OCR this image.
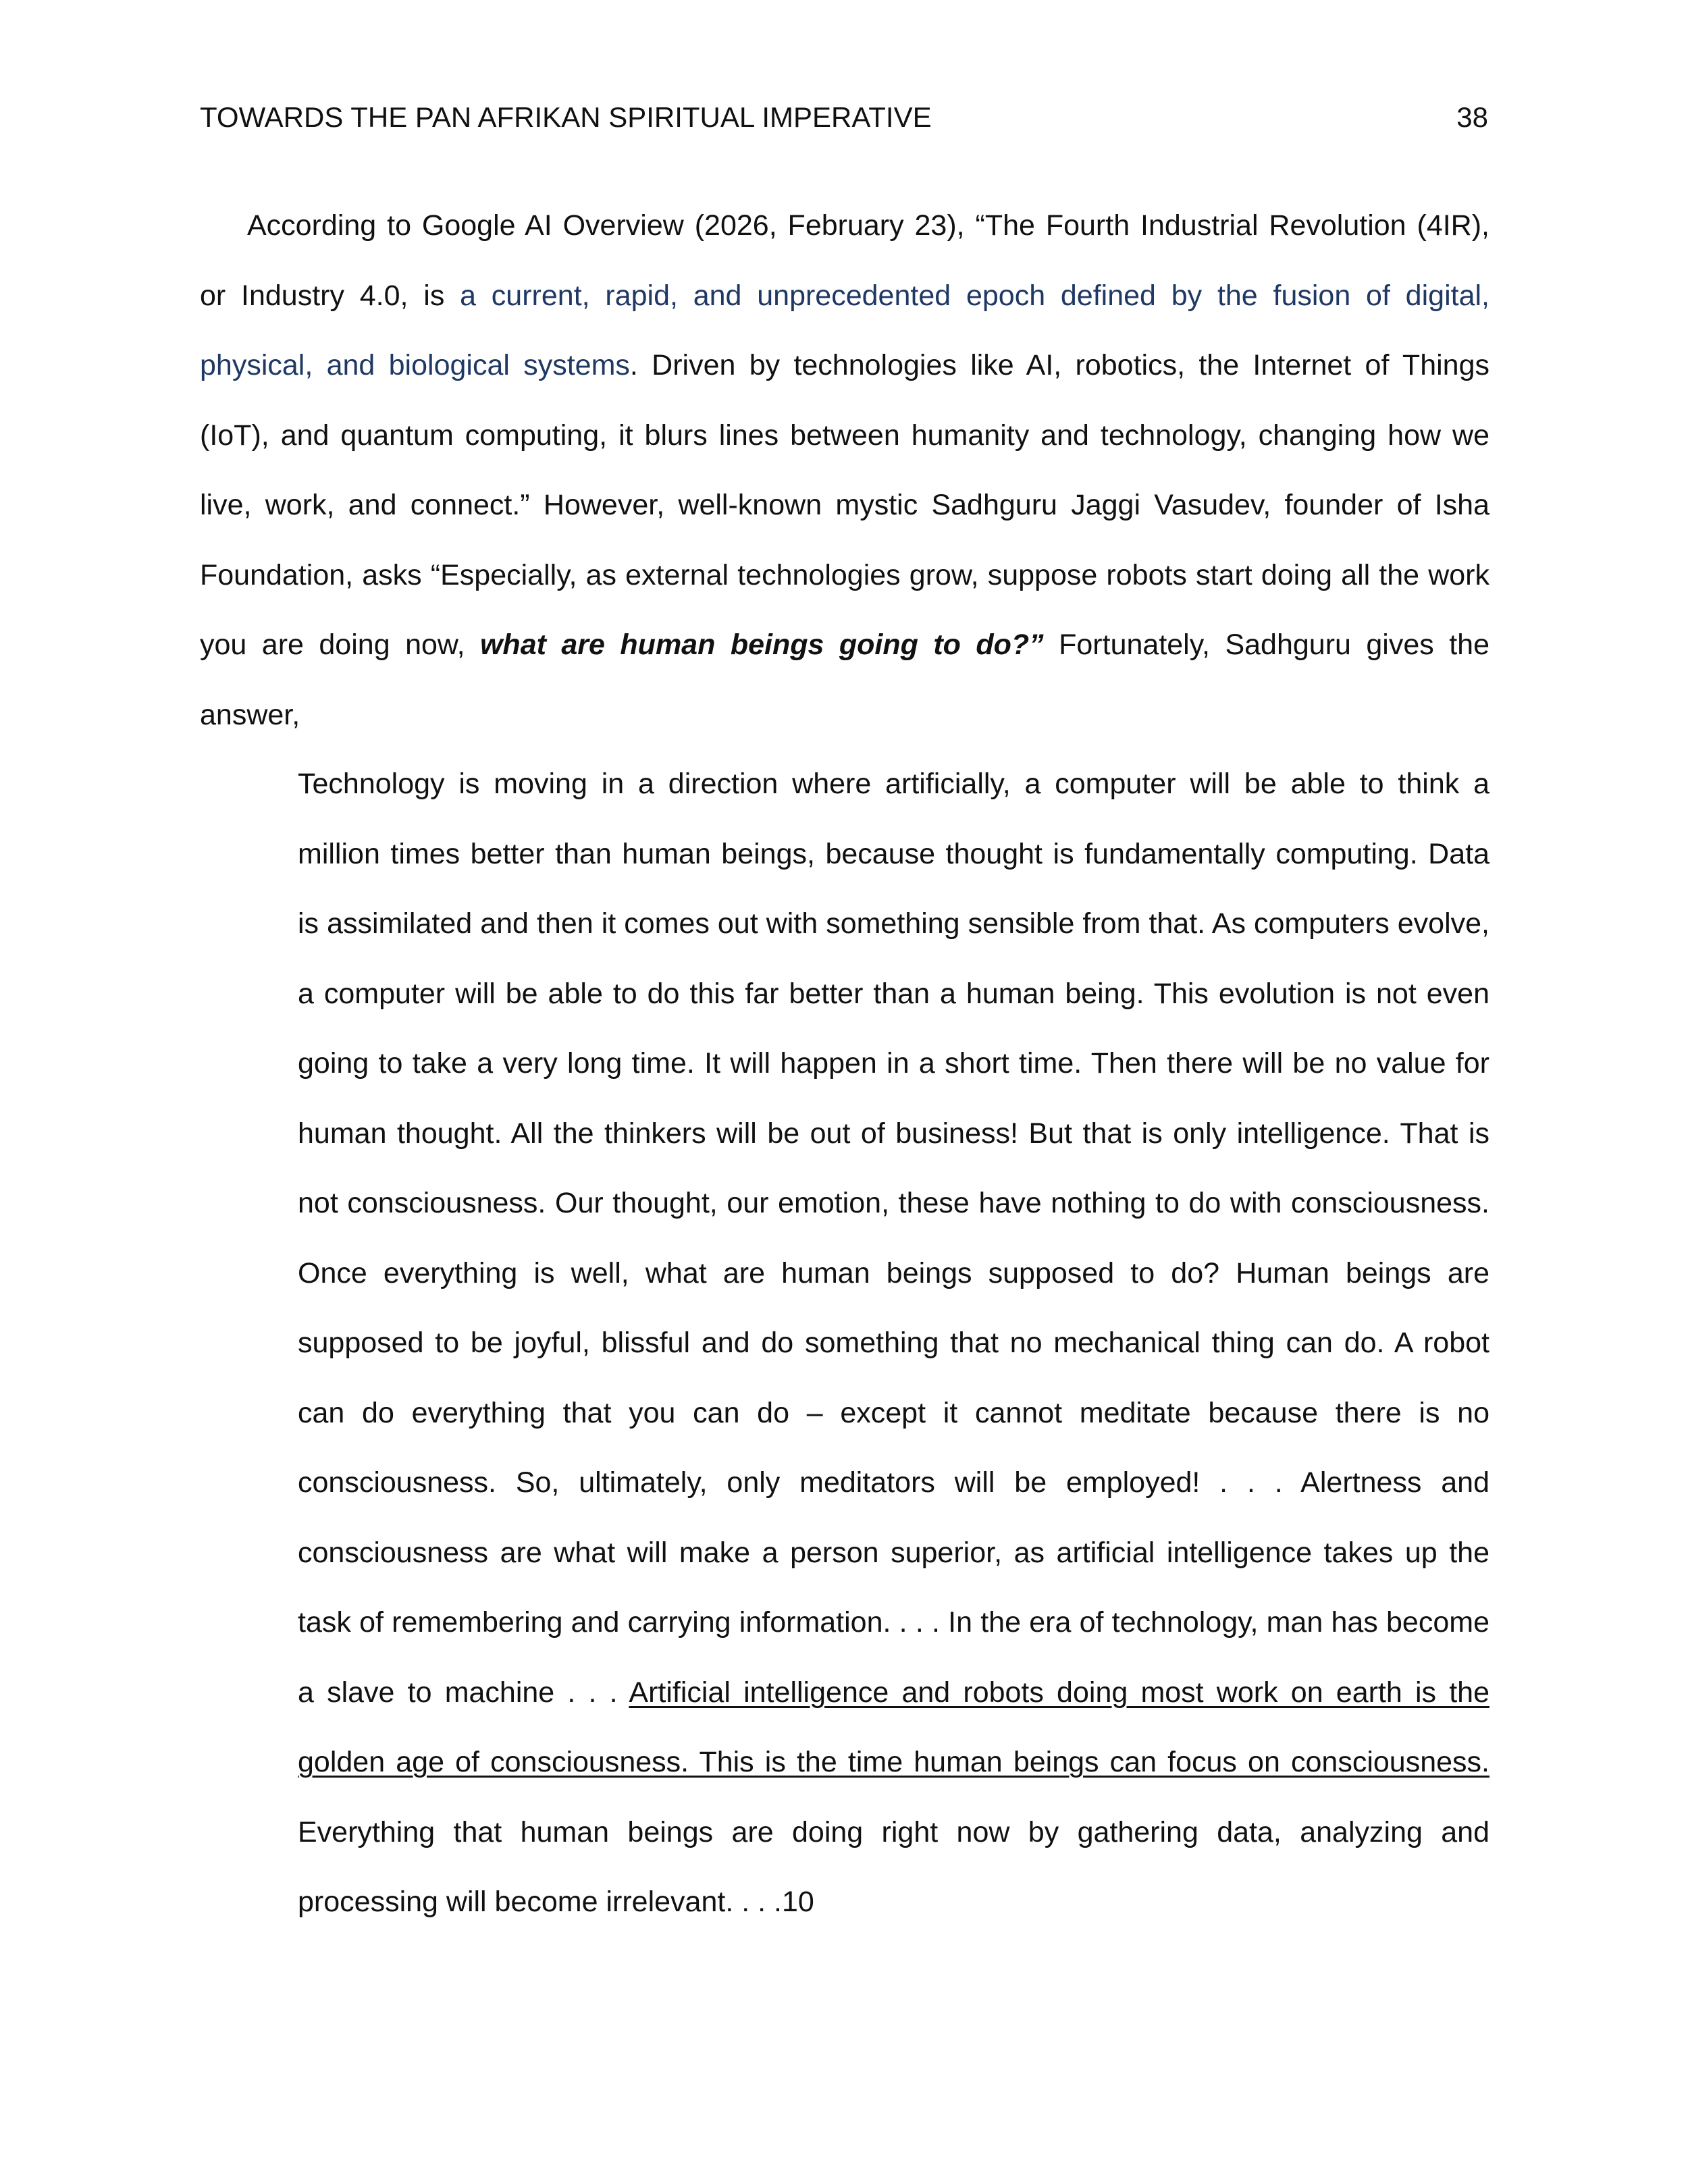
TOWARDS THE PAN AFRIKAN SPIRITUAL IMPERATIVE	38

According to Google AI Overview (2026, February 23), “The Fourth Industrial Revolution (4IR), or Industry 4.0, is a current, rapid, and unprecedented epoch defined by the fusion of digital, physical, and biological systems. Driven by technologies like AI, robotics, the Internet of Things (IoT), and quantum computing, it blurs lines between humanity and technology, changing how we live, work, and connect.” However, well-known mystic Sadhguru Jaggi Vasudev, founder of Isha Foundation, asks “Especially, as external technologies grow, suppose robots start doing all the work you are doing now, what are human beings going to do?” Fortunately, Sadhguru gives the answer,

Technology is moving in a direction where artificially, a computer will be able to think a million times better than human beings, because thought is fundamentally computing. Data is assimilated and then it comes out with something sensible from that. As computers evolve, a computer will be able to do this far better than a human being. This evolution is not even going to take a very long time. It will happen in a short time. Then there will be no value for human thought. All the thinkers will be out of business! But that is only intelligence. That is not consciousness. Our thought, our emotion, these have nothing to do with consciousness. Once everything is well, what are human beings supposed to do? Human beings are supposed to be joyful, blissful and do something that no mechanical thing can do. A robot can do everything that you can do – except it cannot meditate because there is no consciousness. So, ultimately, only meditators will be employed! . . . Alertness and consciousness are what will make a person superior, as artificial intelligence takes up the task of remembering and carrying information. . . . In the era of technology, man has become a slave to machine . . . Artificial intelligence and robots doing most work on earth is the golden age of consciousness. This is the time human beings can focus on consciousness. Everything that human beings are doing right now by gathering data, analyzing and processing will become irrelevant. . . .10
